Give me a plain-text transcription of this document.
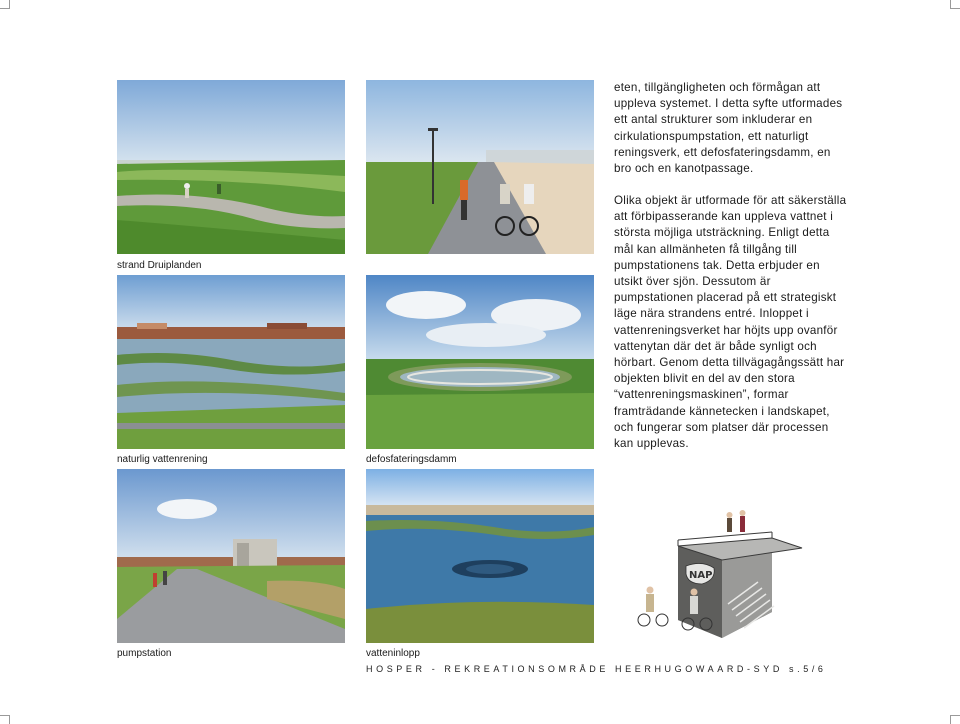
strand Druiplanden
naturlig vattenrening	defosfateringsdamm
pumpstation	vatteninlopp

eten, tillgängligheten och förmågan att uppleva systemet. I detta syfte utformades ett antal strukturer som inkluderar en cirkulationspumpstation, ett naturligt reningsverk, ett defosfateringsdamm, en bro och en kanotpassage.

Olika objekt är utformade för att säkerställa att förbipasserande kan uppleva vattnet i största möjliga utsträckning. Enligt detta mål kan allmänheten få tillgång till pumpstationens tak. Detta erbjuder en utsikt över sjön. Dessutom är pumpstationen placerad på ett strategiskt läge nära strandens entré. Inloppet i vattenreningsverket har höjts upp ovanför vattenytan där det är både synligt och hörbart. Genom detta tillvägagångssätt har objekten blivit en del av den stora “vattenreningsmaskinen”, formar framträdande kännetecken i landskapet, och fungerar som platser där processen kan upplevas.

NAP
HOSPER - REKREATIONSOMRÅDE HEERHUGOWAARD-SYD s.5/6
